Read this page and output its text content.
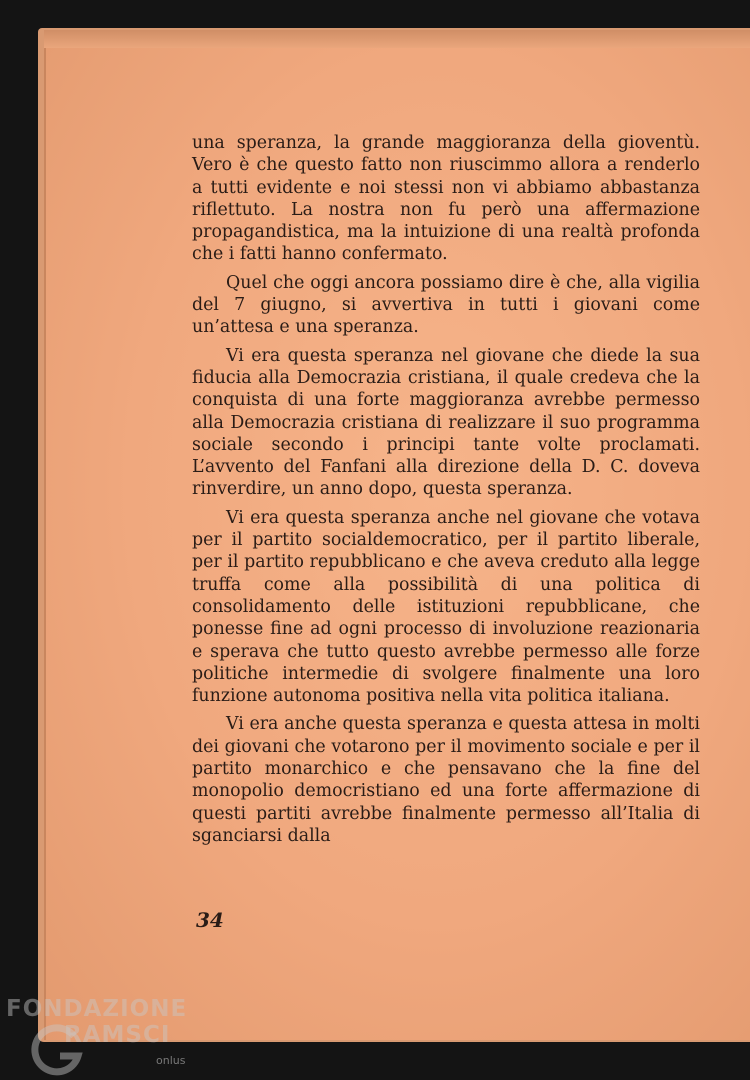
una speranza, la grande maggioranza della gioventù. Vero è che questo fatto non riuscimmo allora a renderlo a tutti evidente e noi stessi non vi abbiamo abbastanza riflettuto. La nostra non fu però una affermazione propagandistica, ma la intuizione di una realtà profonda che i fatti hanno confermato.

Quel che oggi ancora possiamo dire è che, alla vigilia del 7 giugno, si avvertiva in tutti i giovani come un’attesa e una speranza.

Vi era questa speranza nel giovane che diede la sua fiducia alla Democrazia cristiana, il quale credeva che la conquista di una forte maggioranza avrebbe permesso alla Democrazia cristiana di realizzare il suo programma sociale secondo i principi tante volte proclamati. L’avvento del Fanfani alla direzione della D. C. doveva rinverdire, un anno dopo, questa speranza.

Vi era questa speranza anche nel giovane che votava per il partito socialdemocratico, per il partito liberale, per il partito repubblicano e che aveva creduto alla legge truffa come alla possibilità di una politica di consolidamento delle istituzioni repubblicane, che ponesse fine ad ogni processo di involuzione reazionaria e sperava che tutto questo avrebbe permesso alle forze politiche intermedie di svolgere finalmente una loro funzione autonoma positiva nella vita politica italiana.

Vi era anche questa speranza e questa attesa in molti dei giovani che votarono per il movimento sociale e per il partito monarchico e che pensavano che la fine del monopolio democristiano ed una forte affermazione di questi partiti avrebbe finalmente permesso all’Italia di sganciarsi dalla

34
FONDAZIONE
RAMSCI
onlus
